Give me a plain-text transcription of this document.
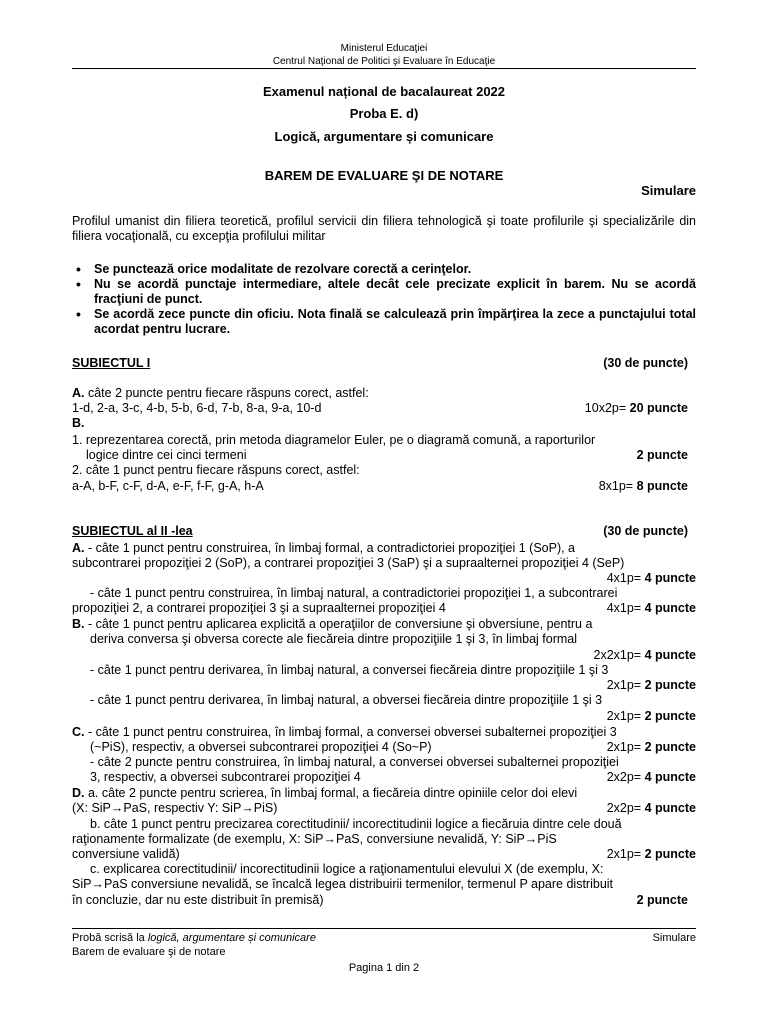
Ministerul Educaţiei
Centrul Naţional de Politici şi Evaluare în Educaţie
Examenul național de bacalaureat 2022
Proba E. d)
Logică, argumentare și comunicare
BAREM DE EVALUARE ŞI DE NOTARE
Simulare
Profilul umanist din filiera teoretică, profilul servicii din filiera tehnologică şi toate profilurile şi specializările din filiera vocaţională, cu excepţia profilului militar
• Se punctează orice modalitate de rezolvare corectă a cerinţelor.
• Nu se acordă punctaje intermediare, altele decât cele precizate explicit în barem. Nu se acordă fracţiuni de punct.
• Se acordă zece puncte din oficiu. Nota finală se calculează prin împărţirea la zece a punctajului total acordat pentru lucrare.
SUBIECTUL I	(30 de puncte)
A. câte 2 puncte pentru fiecare răspuns corect, astfel:
1-d, 2-a, 3-c, 4-b, 5-b, 6-d, 7-b, 8-a, 9-a, 10-d	10x2p= 20 puncte
B.
1. reprezentarea corectă, prin metoda diagramelor Euler, pe o diagramă comună, a raporturilor
logice dintre cei cinci termeni	2 puncte
2. câte 1 punct pentru fiecare răspuns corect, astfel:
a-A, b-F, c-F, d-A, e-F, f-F, g-A, h-A	8x1p= 8 puncte
SUBIECTUL al II -lea	(30 de puncte)
A. - câte 1 punct pentru construirea, în limbaj formal, a contradictoriei propoziţiei 1 (SoP), a
subcontrarei propoziţiei 2 (SoP), a contrarei propoziţiei 3 (SaP) şi a supraalternei propoziţiei 4 (SeP)
4x1p= 4 puncte
- câte 1 punct pentru construirea, în limbaj natural, a contradictoriei propoziţiei 1, a subcontrarei
propoziţiei 2, a contrarei propoziţiei 3 şi a supraalternei propoziţiei 4	4x1p= 4 puncte
B. - câte 1 punct pentru aplicarea explicită a operaţiilor de conversiune şi obversiune, pentru a
deriva conversa şi obversa corecte ale fiecăreia dintre propoziţiile 1 şi 3, în limbaj formal
2x2x1p= 4 puncte
- câte 1 punct pentru derivarea, în limbaj natural, a conversei fiecăreia dintre propoziţiile 1 şi 3
2x1p= 2 puncte
- câte 1 punct pentru derivarea, în limbaj natural, a obversei fiecăreia dintre propoziţiile 1 şi 3
2x1p= 2 puncte
C. - câte 1 punct pentru construirea, în limbaj formal, a conversei obversei subalternei propoziţiei 3
(~PiS), respectiv, a obversei subcontrarei propoziţiei 4 (So~P)	2x1p= 2 puncte
- câte 2 puncte pentru construirea, în limbaj natural, a conversei obversei subalternei propoziţiei
3, respectiv, a obversei subcontrarei propoziţiei 4	2x2p= 4 puncte
D. a. câte 2 puncte pentru scrierea, în limbaj formal, a fiecăreia dintre opiniile celor doi elevi
(X: SiP→PaS, respectiv Y: SiP→PiS)	2x2p= 4 puncte
b. câte 1 punct pentru precizarea corectitudinii/ incorectitudinii logice a fiecăruia dintre cele două
raţionamente formalizate (de exemplu, X: SiP→PaS, conversiune nevalidă, Y: SiP→PiS
conversiune validă)	2x1p= 2 puncte
c. explicarea corectitudinii/ incorectitudinii logice a raţionamentului elevului X (de exemplu, X:
SiP→PaS conversiune nevalidă, se încalcă legea distribuirii termenilor, termenul P apare distribuit
în concluzie, dar nu este distribuit în premisă)	2 puncte
Probă scrisă la logică, argumentare și comunicare	Simulare
Barem de evaluare şi de notare
Pagina 1 din 2
